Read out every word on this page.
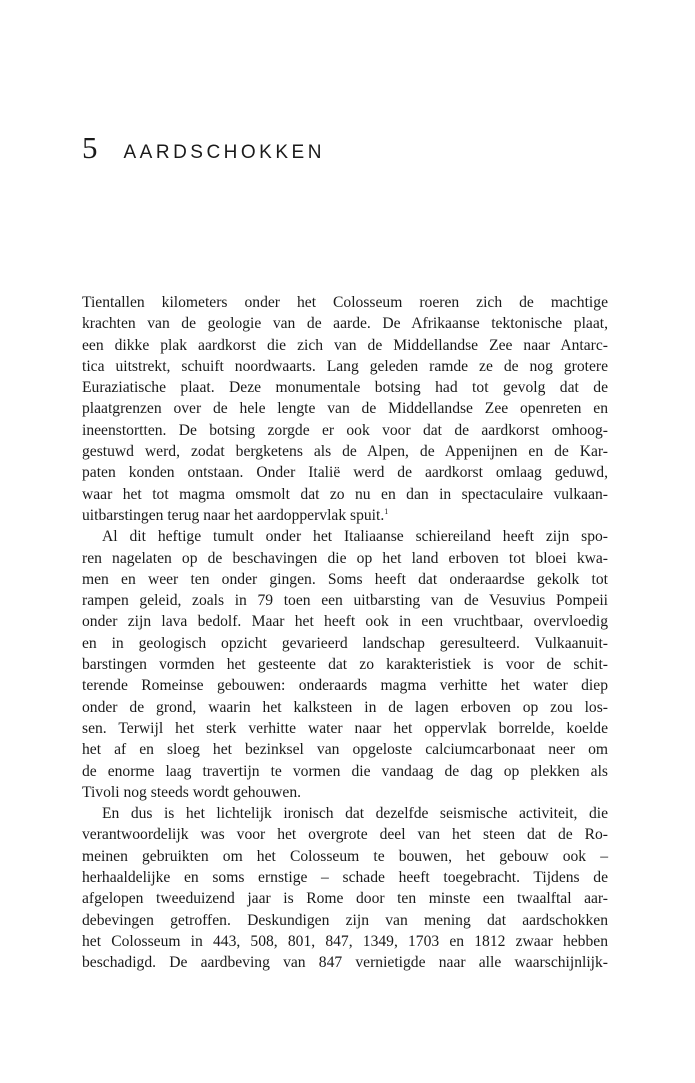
5 AARDSCHOKKEN
Tientallen kilometers onder het Colosseum roeren zich de machtige
krachten van de geologie van de aarde. De Afrikaanse tektonische plaat,
een dikke plak aardkorst die zich van de Middellandse Zee naar Antarc-
tica uitstrekt, schuift noordwaarts. Lang geleden ramde ze de nog grotere
Euraziatische plaat. Deze monumentale botsing had tot gevolg dat de
plaatgrenzen over de hele lengte van de Middellandse Zee openreten en
ineenstortten. De botsing zorgde er ook voor dat de aardkorst omhoog-
gestuwd werd, zodat bergketens als de Alpen, de Appenijnen en de Kar-
paten konden ontstaan. Onder Italië werd de aardkorst omlaag geduwd,
waar het tot magma omsmolt dat zo nu en dan in spectaculaire vulkaan-
uitbarstingen terug naar het aardoppervlak spuit.$^1$
Al dit heftige tumult onder het Italiaanse schiereiland heeft zijn spo-
ren nagelaten op de beschavingen die op het land erboven tot bloei kwa-
men en weer ten onder gingen. Soms heeft dat onderaardse gekolk tot
rampen geleid, zoals in 79 toen een uitbarsting van de Vesuvius Pompeii
onder zijn lava bedolf. Maar het heeft ook in een vruchtbaar, overvloedig
en in geologisch opzicht gevarieerd landschap geresulteerd. Vulkaanuit-
barstingen vormden het gesteente dat zo karakteristiek is voor de schit-
terende Romeinse gebouwen: onderaards magma verhitte het water diep
onder de grond, waarin het kalksteen in de lagen erboven op zou los-
sen. Terwijl het sterk verhitte water naar het oppervlak borrelde, koelde
het af en sloeg het bezinksel van opgeloste calciumcarbonaat neer om
de enorme laag travertijn te vormen die vandaag de dag op plekken als
Tivoli nog steeds wordt gehouwen.
En dus is het lichtelijk ironisch dat dezelfde seismische activiteit, die
verantwoordelijk was voor het overgrote deel van het steen dat de Ro-
meinen gebruikten om het Colosseum te bouwen, het gebouw ook –
herhaaldelijke en soms ernstige – schade heeft toegebracht. Tijdens de
afgelopen tweeduizend jaar is Rome door ten minste een twaalftal aar-
debevingen getroffen. Deskundigen zijn van mening dat aardschokken
het Colosseum in 443, 508, 801, 847, 1349, 1703 en 1812 zwaar hebben
beschadigd. De aardbeving van 847 vernietigde naar alle waarschijnlijk-
